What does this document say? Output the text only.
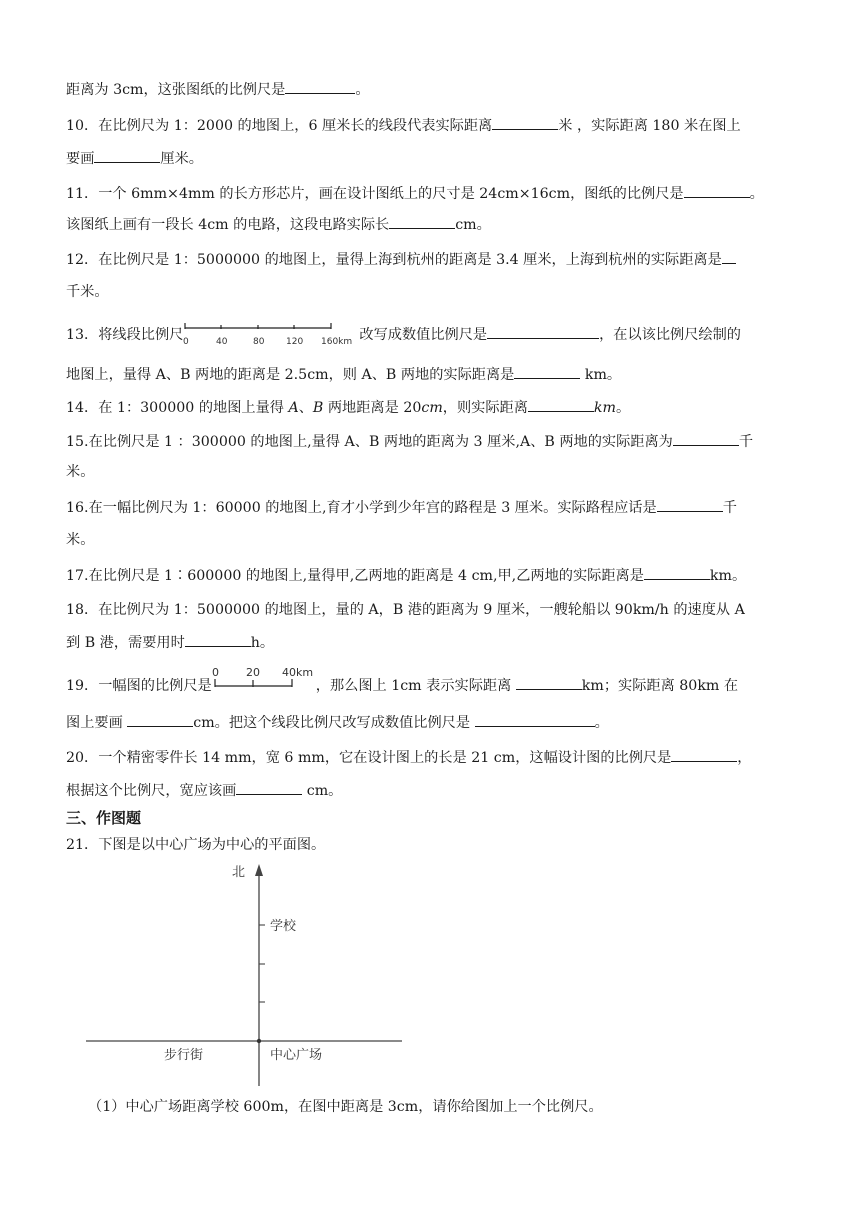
距离为 3cm，这张图纸的比例尺是	。
10．在比例尺为 1：2000 的地图上，6 厘米长的线段代表实际距离	米 ，实际距离 180 米在图上
要画	厘米。
11．一个 6mm×4mm 的长方形芯片，画在设计图纸上的尺寸是 24cm×16cm，图纸的比例尺是	。
该图纸上画有一段长 4cm 的电路，这段电路实际长	cm。
12．在比例尺是 1：5000000 的地图上，量得上海到杭州的距离是 3.4 厘米，上海到杭州的实际距离是
千米。
13．将线段比例尺 0	40	80 120 160km 改写成数值比例尺是	，在以该比例尺绘制的
地图上，量得 A、B 两地的距离是 2.5cm，则 A、B 两地的实际距离是	km。
14．在 1：300000 的地图上量得 A、B 两地距离是 20cm，则实际距离	km。
15.在比例尺是 1 ：300000 的地图上,量得 A、B 两地的距离为 3 厘米,A、B 两地的实际距离为	千
米。
16.在一幅比例尺为 1：60000 的地图上,育才小学到少年宫的路程是 3 厘米。实际路程应话是	千
米。
17.在比例尺是 1∶600000 的地图上,量得甲,乙两地的距离是 4 cm,甲,乙两地的实际距离是	km。
18．在比例尺为 1：5000000 的地图上，量的 A，B 港的距离为 9 厘米，一艘轮船以 90km/h 的速度从 A
到 B 港，需要用时	h。
19．一幅图的比例尺是
0 20 40km
，那么图上 1cm 表示实际距离	km；实际距离 80km 在
图上要画	cm。把这个线段比例尺改写成数值比例尺是	。
20．一个精密零件长 14 mm，宽 6 mm，它在设计图上的长是 21 cm，这幅设计图的比例尺是	，
根据这个比例尺，宽应该画	cm。
三、作图题
21．下图是以中心广场为中心的平面图。
北
学校
步行街	中心广场
（1）中心广场距离学校 600m，在图中距离是 3cm，请你给图加上一个比例尺。
